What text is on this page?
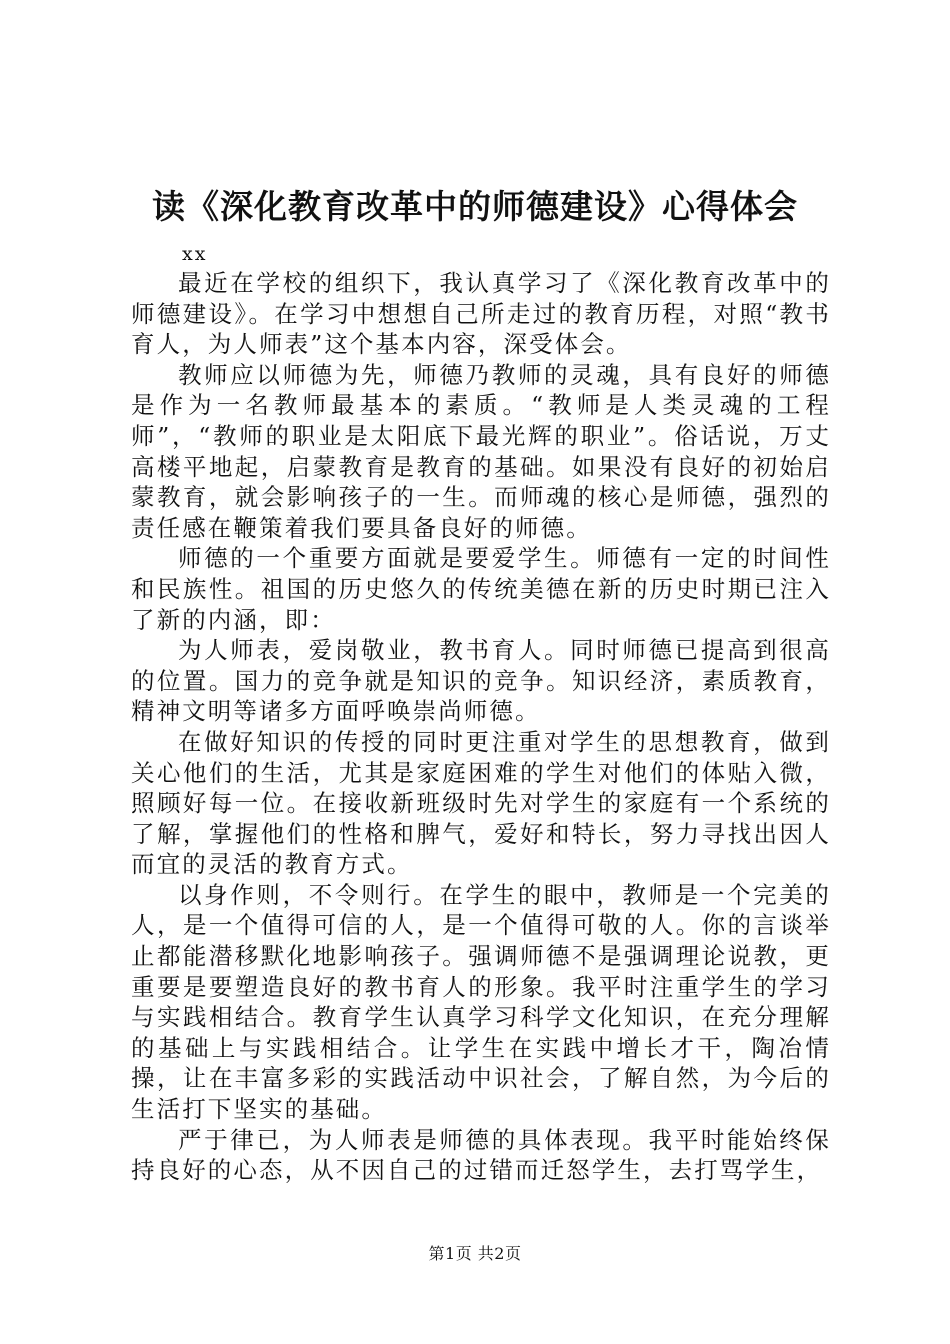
读《深化教育改革中的师德建设》心得体会
xx

最近在学校的组织下，我认真学习了《深化教育改革中的师德建设》。在学习中想想自己所走过的教育历程，对照“教书育人，为人师表”这个基本内容，深受体会。

教师应以师德为先，师德乃教师的灵魂，具有良好的师德是作为一名教师最基本的素质。“教师是人类灵魂的工程师”，“教师的职业是太阳底下最光辉的职业”。俗话说，万丈高楼平地起，启蒙教育是教育的基础。如果没有良好的初始启蒙教育，就会影响孩子的一生。而师魂的核心是师德，强烈的责任感在鞭策着我们要具备良好的师德。

师德的一个重要方面就是要爱学生。师德有一定的时间性和民族性。祖国的历史悠久的传统美德在新的历史时期已注入了新的内涵，即：

为人师表，爱岗敬业，教书育人。同时师德已提高到很高的位置。国力的竞争就是知识的竞争。知识经济，素质教育，精神文明等诸多方面呼唤崇尚师德。

在做好知识的传授的同时更注重对学生的思想教育，做到关心他们的生活，尤其是家庭困难的学生对他们的体贴入微，照顾好每一位。在接收新班级时先对学生的家庭有一个系统的了解，掌握他们的性格和脾气，爱好和特长，努力寻找出因人而宜的灵活的教育方式。

以身作则，不令则行。在学生的眼中，教师是一个完美的人，是一个值得可信的人，是一个值得可敬的人。你的言谈举止都能潜移默化地影响孩子。强调师德不是强调理论说教，更重要是要塑造良好的教书育人的形象。我平时注重学生的学习与实践相结合。教育学生认真学习科学文化知识，在充分理解的基础上与实践相结合。让学生在实践中增长才干，陶冶情操，让在丰富多彩的实践活动中识社会，了解自然，为今后的生活打下坚实的基础。

严于律已，为人师表是师德的具体表现。我平时能始终保持良好的心态，从不因自己的过错而迁怒学生，去打骂学生，

第1页 共2页
